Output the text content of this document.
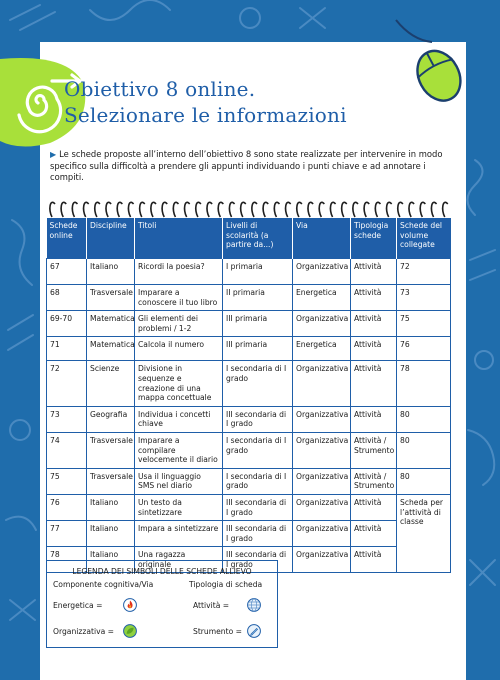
Obiettivo 8 online.
Selezionare le informazioni
▶ Le schede proposte all’interno dell’obiettivo 8 sono state realizzate per intervenire in modo specifico sulla difficoltà a prendere gli appunti individuando i punti chiave e ad annotare i compiti.
Schede online	Discipline	Titoli	Livelli di scolarità (a partire da...)	Via	Tipologia schede	Schede del volume collegate
67	Italiano	Ricordi la poesia?	I primaria	Organizzativa	Attività	72
68	Trasversale	Imparare a conoscere il tuo libro	II primaria	Energetica	Attività	73
69-70	Matematica	Gli elementi dei problemi / 1-2	III primaria	Organizzativa	Attività	75
71	Matematica	Calcola il numero	III primaria	Energetica	Attività	76
72	Scienze	Divisione in sequenze e creazione di una mappa concettuale	I secondaria di I grado	Organizzativa	Attività	78
73	Geografia	Individua i concetti chiave	III secondaria di I grado	Organizzativa	Attività	80
74	Trasversale	Imparare a compilare velocemente il diario	I secondaria di I grado	Organizzativa	Attività / Strumento	80
75	Trasversale	Usa il linguaggio SMS nel diario	I secondaria di I grado	Organizzativa	Attività / Strumento	80
76	Italiano	Un testo da sintetizzare	III secondaria di I grado	Organizzativa	Attività	Scheda per l’attività di classe
77	Italiano	Impara a sintetizzare	III secondaria di I grado	Organizzativa	Attività	
78	Italiano	Una ragazza originale	III secondaria di I grado	Organizzativa	Attività	
LEGENDA DEI SIMBOLI DELLE SCHEDE ALLIEVO
Componente cognitiva/Via	Tipologia di scheda
Energetica =
Organizzativa =
Attività =
Strumento =
